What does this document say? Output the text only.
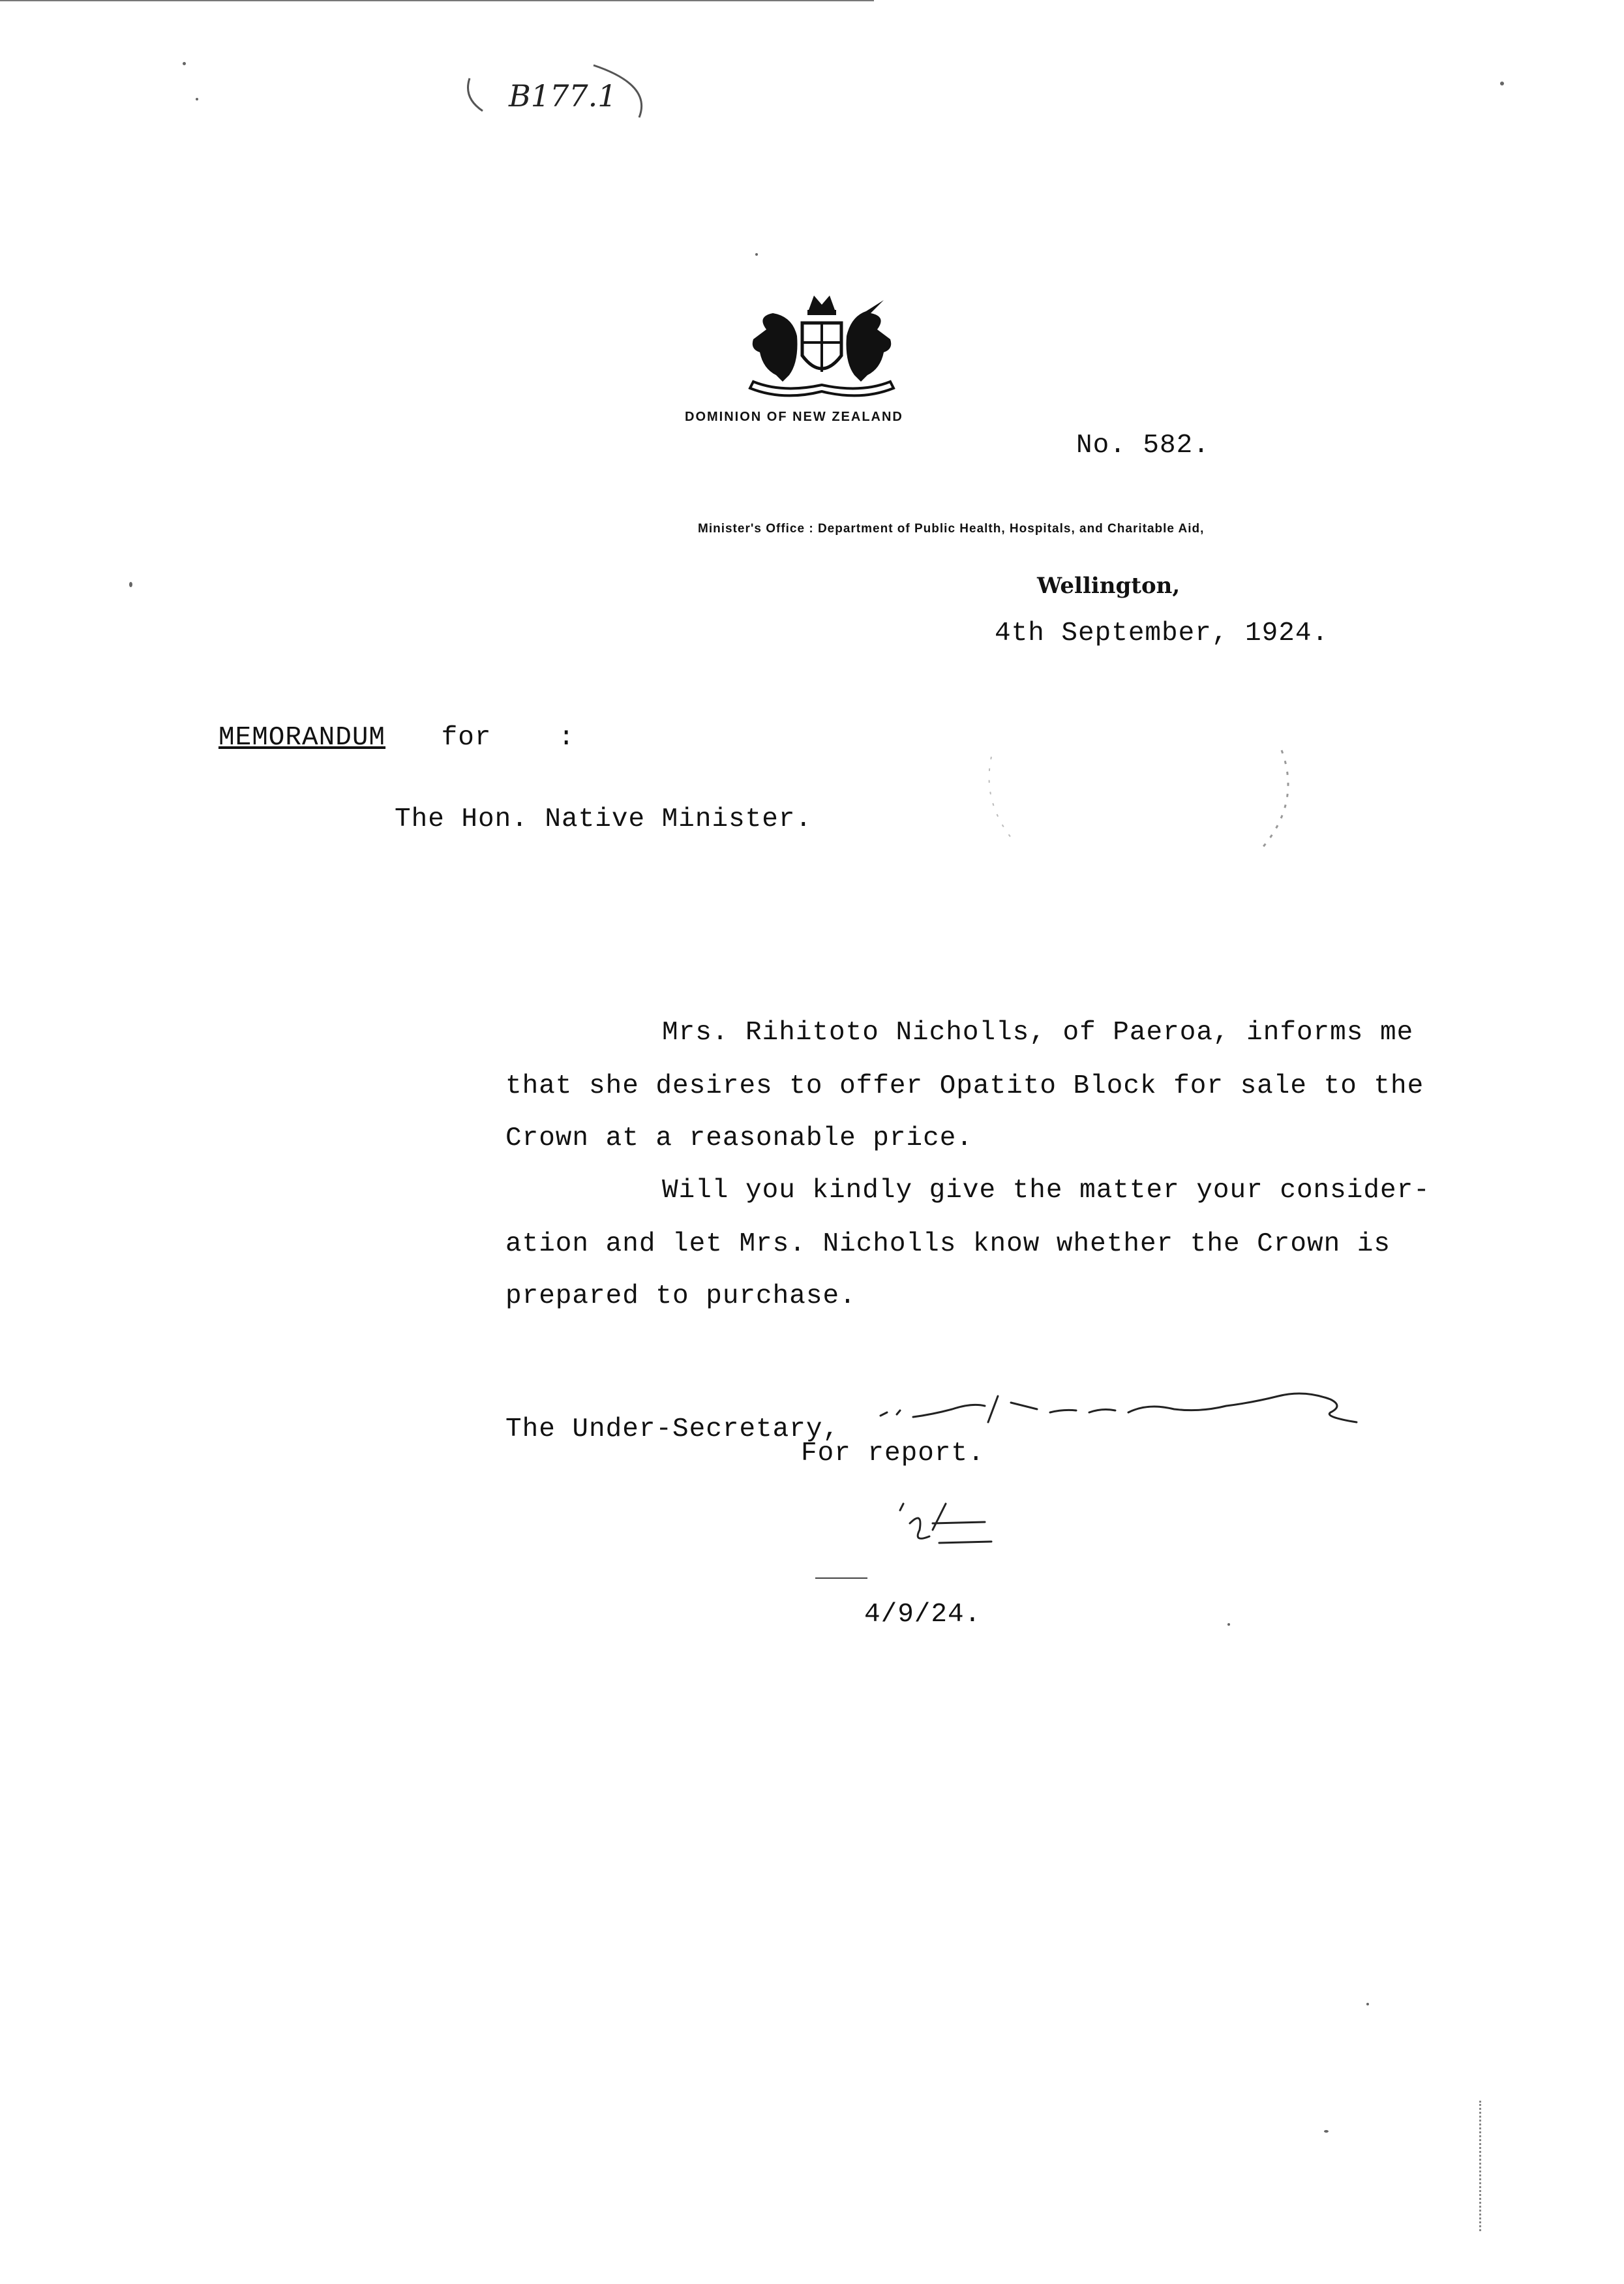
B177.1
DOMINION OF NEW ZEALAND
No. 582.
Minister's Office : Department of Public Health, Hospitals, and Charitable Aid,
Wellington,
4th September, 1924.
MEMORANDUM for    :
The Hon. Native Minister.
Mrs. Rihitoto Nicholls, of Paeroa, informs me
that she desires to offer Opatito Block for sale to the
Crown at a reasonable price.
Will you kindly give the matter your consider-
ation and let Mrs. Nicholls know whether the Crown is
prepared to purchase.
The Under-Secretary,
For report.
4/9/24.
